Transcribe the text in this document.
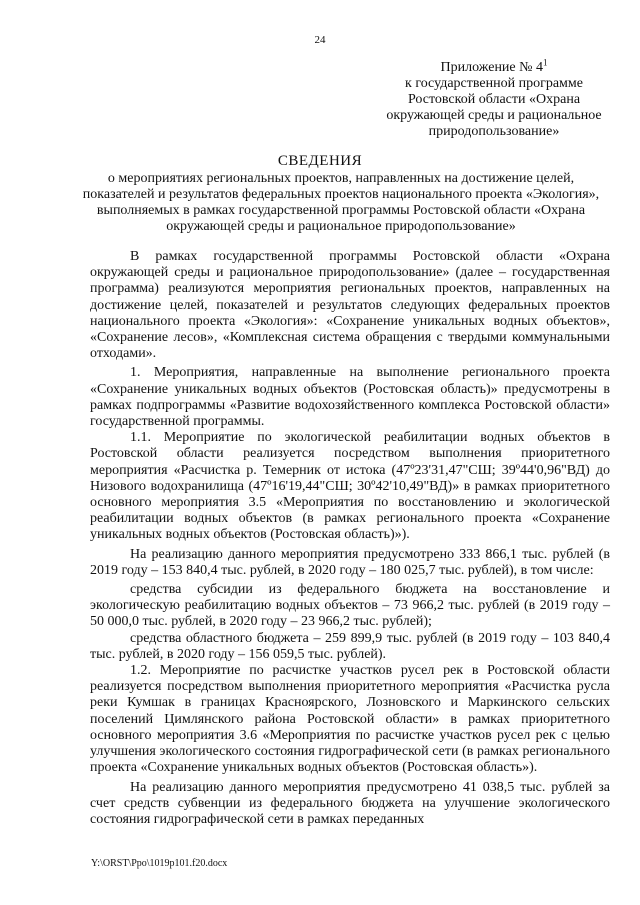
24
Приложение № $4^1$
к государственной программе
Ростовской области «Охрана
окружающей среды и рациональное
природопользование»
СВЕДЕНИЯ
о мероприятиях региональных проектов, направленных на достижение целей, показателей и результатов федеральных проектов национального проекта «Экология», выполняемых в рамках государственной программы Ростовской области «Охрана окружающей среды и рациональное природопользование»

В рамках государственной программы Ростовской области «Охрана окружающей среды и рациональное природопользование» (далее – государственная программа) реализуются мероприятия региональных проектов, направленных на достижение целей, показателей и результатов следующих федеральных проектов национального проекта «Экология»: «Сохранение уникальных водных объектов», «Сохранение лесов», «Комплексная система обращения с твердыми коммунальными отходами».

1. Мероприятия, направленные на выполнение регионального проекта «Сохранение уникальных водных объектов (Ростовская область)» предусмотрены в рамках подпрограммы «Развитие водохозяйственного комплекса Ростовской области» государственной программы.

1.1. Мероприятие по экологической реабилитации водных объектов в Ростовской области реализуется посредством выполнения приоритетного мероприятия «Расчистка р. Темерник от истока (47º23'31,47"СШ; 39º44'0,96"ВД) до Низового водохранилища (47º16'19,44"СШ; 30º42'10,49"ВД)» в рамках приоритетного основного мероприятия 3.5 «Мероприятия по восстановлению и экологической реабилитации водных объектов (в рамках регионального проекта «Сохранение уникальных водных объектов (Ростовская область)»).

На реализацию данного мероприятия предусмотрено 333 866,1 тыс. рублей (в 2019 году – 153 840,4 тыс. рублей, в 2020 году – 180 025,7 тыс. рублей), в том числе:

средства субсидии из федерального бюджета на восстановление и экологическую реабилитацию водных объектов – 73 966,2 тыс. рублей (в 2019 году – 50 000,0 тыс. рублей, в 2020 году – 23 966,2 тыс. рублей);

средства областного бюджета – 259 899,9 тыс. рублей (в 2019 году – 103 840,4 тыс. рублей, в 2020 году – 156 059,5 тыс. рублей).

1.2. Мероприятие по расчистке участков русел рек в Ростовской области реализуется посредством выполнения приоритетного мероприятия «Расчистка русла реки Кумшак в границах Красноярского, Лозновского и Маркинского сельских поселений Цимлянского района Ростовской области» в рамках приоритетного основного мероприятия 3.6 «Мероприятия по расчистке участков русел рек с целью улучшения экологического состояния гидрографической сети (в рамках регионального проекта «Сохранение уникальных водных объектов (Ростовская область»).

На реализацию данного мероприятия предусмотрено 41 038,5 тыс. рублей за счет средств субвенции из федерального бюджета на улучшение экологического состояния гидрографической сети в рамках переданных

Y:\ORST\Ppo\1019p101.f20.docx
